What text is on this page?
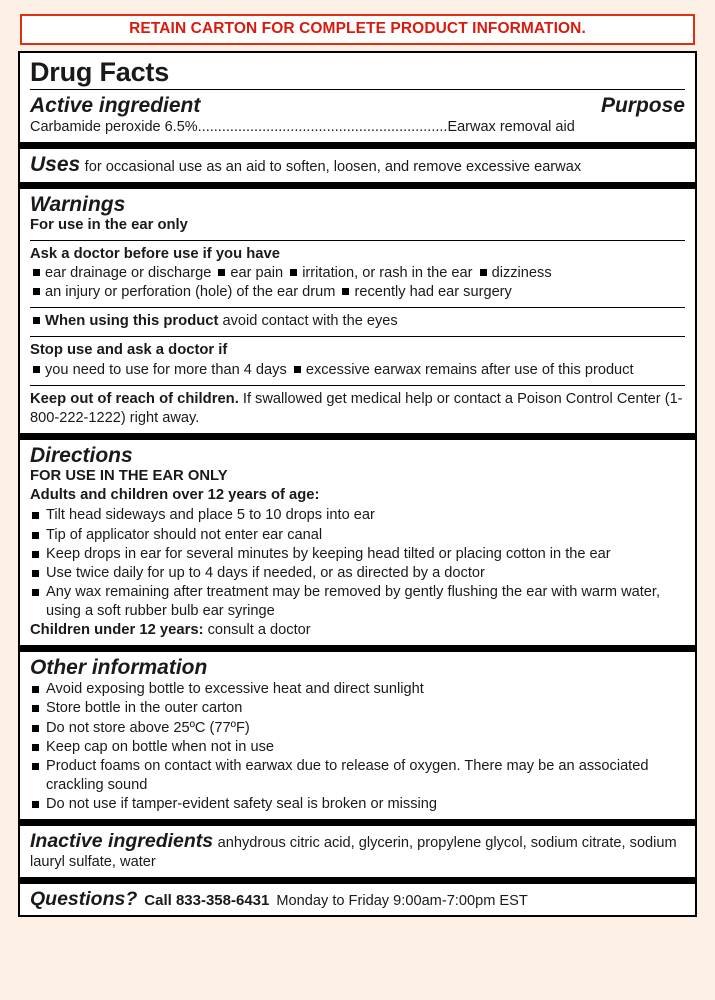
RETAIN CARTON FOR COMPLETE PRODUCT INFORMATION.
Drug Facts
Active ingredient	Purpose
Carbamide peroxide 6.5%..............................................................Earwax removal aid
Uses for occasional use as an aid to soften, loosen, and remove excessive earwax
Warnings
For use in the ear only
Ask a doctor before use if you have
ear drainage or discharge ear pain irritation, or rash in the ear dizziness
an injury or perforation (hole) of the ear drum recently had ear surgery
When using this product avoid contact with the eyes
Stop use and ask a doctor if
you need to use for more than 4 days excessive earwax remains after use of this product
Keep out of reach of children. If swallowed get medical help or contact a Poison Control Center (1-800-222-1222) right away.
Directions
FOR USE IN THE EAR ONLY
Adults and children over 12 years of age:
Tilt head sideways and place 5 to 10 drops into ear
Tip of applicator should not enter ear canal
Keep drops in ear for several minutes by keeping head tilted or placing cotton in the ear
Use twice daily for up to 4 days if needed, or as directed by a doctor
Any wax remaining after treatment may be removed by gently flushing the ear with warm water, using a soft rubber bulb ear syringe
Children under 12 years: consult a doctor
Other information
Avoid exposing bottle to excessive heat and direct sunlight
Store bottle in the outer carton
Do not store above 25ºC (77ºF)
Keep cap on bottle when not in use
Product foams on contact with earwax due to release of oxygen. There may be an associated crackling sound
Do not use if tamper-evident safety seal is broken or missing
Inactive ingredients anhydrous citric acid, glycerin, propylene glycol, sodium citrate, sodium lauryl sulfate, water
Questions? Call 833-358-6431 Monday to Friday 9:00am-7:00pm EST
